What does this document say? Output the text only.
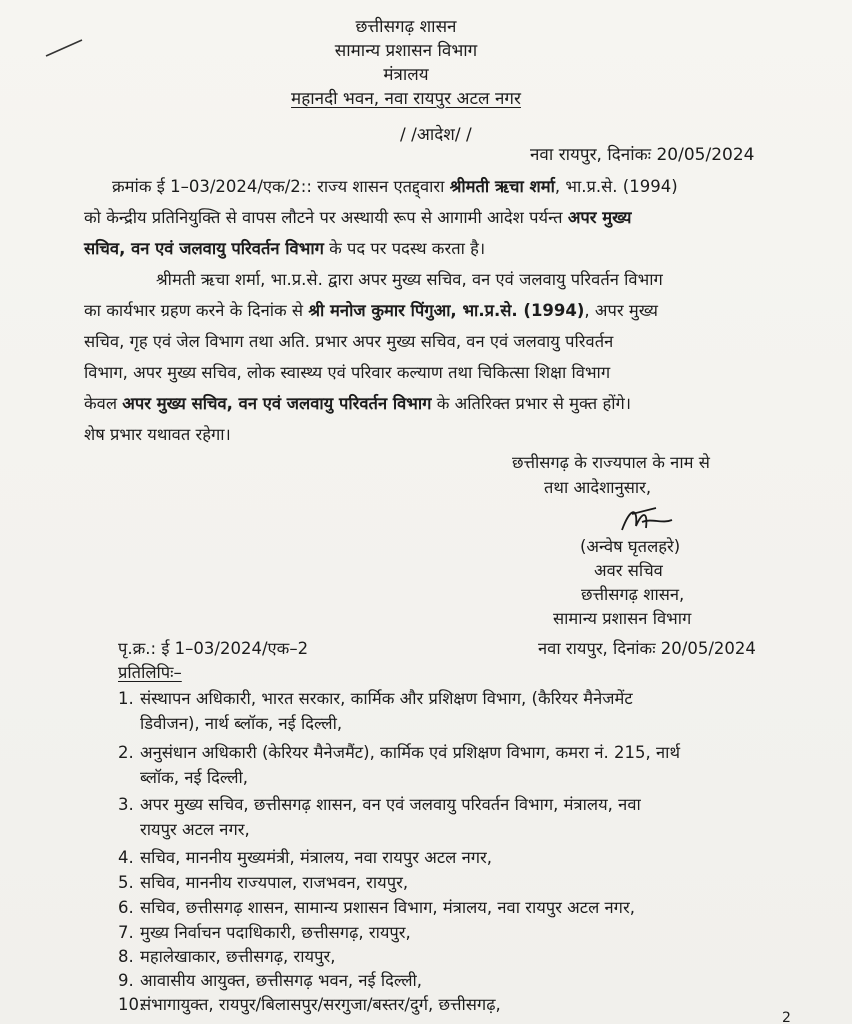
छत्तीसगढ़ शासन
सामान्य प्रशासन विभाग
मंत्रालय
महानदी भवन, नवा रायपुर अटल नगर
/ /आदेश/ /
नवा रायपुर, दिनांकः 20/05/2024
क्रमांक ई 1–03/2024/एक/2:: राज्य शासन एतद्द्वारा श्रीमती ऋचा शर्मा, भा.प्र.से. (1994)
को केन्द्रीय प्रतिनियुक्ति से वापस लौटने पर अस्थायी रूप से आगामी आदेश पर्यन्त अपर मुख्य
सचिव, वन एवं जलवायु परिवर्तन विभाग के पद पर पदस्थ करता है।
श्रीमती ऋचा शर्मा, भा.प्र.से. द्वारा अपर मुख्य सचिव, वन एवं जलवायु परिवर्तन विभाग
का कार्यभार ग्रहण करने के दिनांक से श्री मनोज कुमार पिंगुआ, भा.प्र.से. (1994), अपर मुख्य
सचिव, गृह एवं जेल विभाग तथा अति. प्रभार अपर मुख्य सचिव, वन एवं जलवायु परिवर्तन
विभाग, अपर मुख्य सचिव, लोक स्वास्थ्य एवं परिवार कल्याण तथा चिकित्सा शिक्षा विभाग
केवल अपर मुख्य सचिव, वन एवं जलवायु परिवर्तन विभाग के अतिरिक्त प्रभार से मुक्त होंगे।
शेष प्रभार यथावत रहेगा।
छत्तीसगढ़ के राज्यपाल के नाम से
तथा आदेशानुसार,
(अन्वेष घृतलहरे)
अवर सचिव
छत्तीसगढ़ शासन,
सामान्य प्रशासन विभाग
पृ.क्र.: ई 1–03/2024/एक–2	नवा रायपुर, दिनांकः 20/05/2024
प्रतिलिपिः–
1. संस्थापन अधिकारी, भारत सरकार, कार्मिक और प्रशिक्षण विभाग, (कैरियर मैनेजमेंट
डिवीजन), नार्थ ब्लॉक, नई दिल्ली,
2. अनुसंधान अधिकारी (केरियर मैनेजमैंट), कार्मिक एवं प्रशिक्षण विभाग, कमरा नं. 215, नार्थ
ब्लॉक, नई दिल्ली,
3. अपर मुख्य सचिव, छत्तीसगढ़ शासन, वन एवं जलवायु परिवर्तन विभाग, मंत्रालय, नवा
रायपुर अटल नगर,
4. सचिव, माननीय मुख्यमंत्री, मंत्रालय, नवा रायपुर अटल नगर,
5. सचिव, माननीय राज्यपाल, राजभवन, रायपुर,
6. सचिव, छत्तीसगढ़ शासन, सामान्य प्रशासन विभाग, मंत्रालय, नवा रायपुर अटल नगर,
7. मुख्य निर्वाचन पदाधिकारी, छत्तीसगढ़, रायपुर,
8. महालेखाकार, छत्तीसगढ़, रायपुर,
9. आवासीय आयुक्त, छत्तीसगढ़ भवन, नई दिल्ली,
10.संभागायुक्त, रायपुर/बिलासपुर/सरगुजा/बस्तर/दुर्ग, छत्तीसगढ़,
2
